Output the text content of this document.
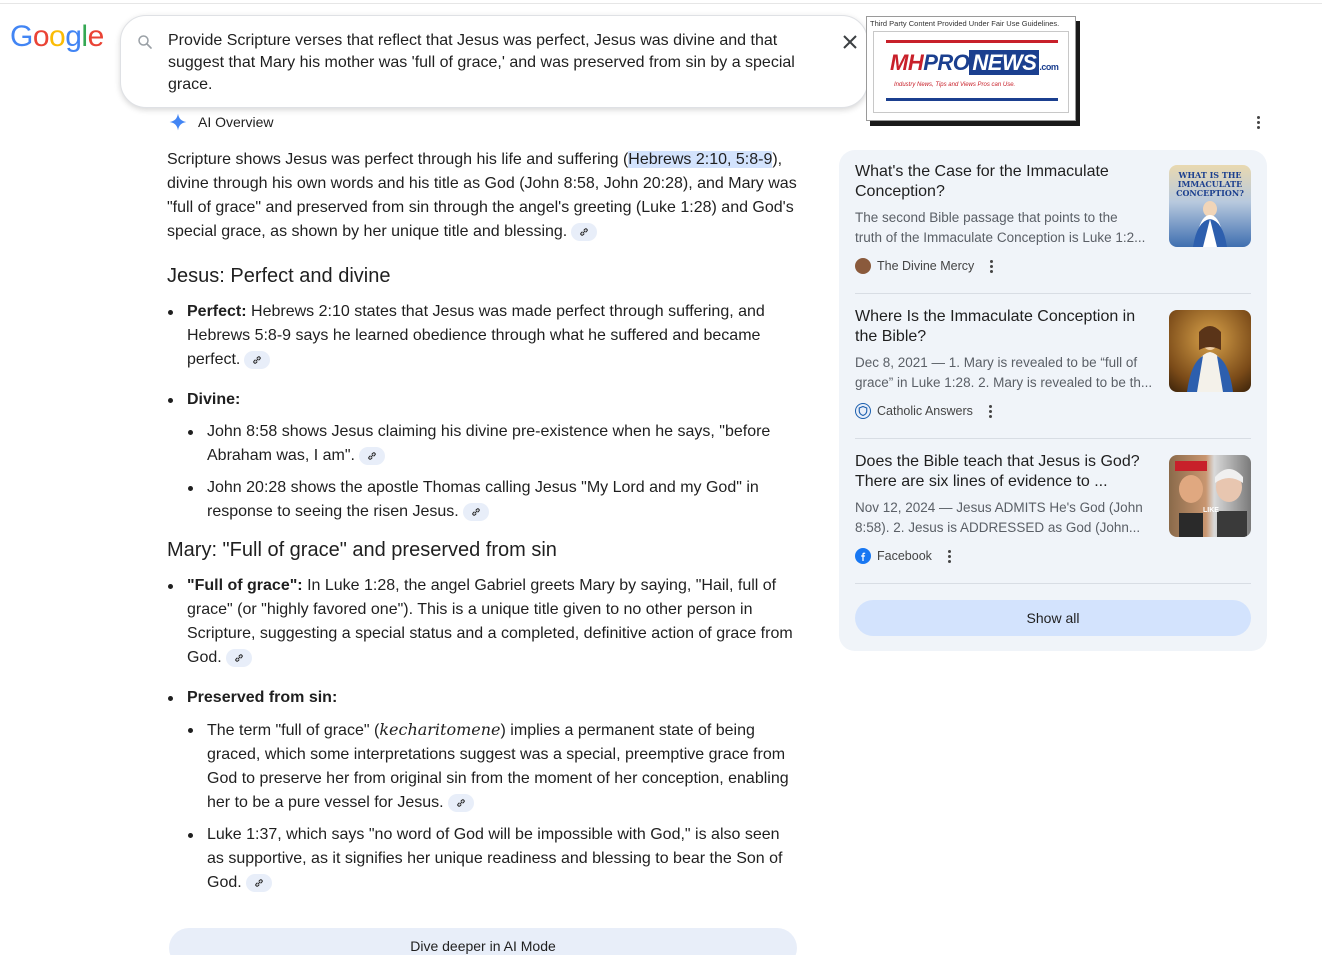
Google	Provide Scripture verses that reflect that Jesus was perfect, Jesus was divine and that suggest that Mary his mother was 'full of grace,' and was preserved from sin by a special grace.
Third Party Content Provided Under Fair Use Guidelines.
MHPRO NEWS .com
Industry News, Tips and Views Pros can Use.
AI Overview

Scripture shows Jesus was perfect through his life and suffering (Hebrews 2:10, 5:8-9), divine through his own words and his title as God (John 8:58, John 20:28), and Mary was "full of grace" and preserved from sin through the angel's greeting (Luke 1:28) and God's special grace, as shown by her unique title and blessing.

Jesus: Perfect and divine
Perfect: Hebrews 2:10 states that Jesus was made perfect through suffering, and Hebrews 5:8-9 says he learned obedience through what he suffered and became perfect.
Divine:
John 8:58 shows Jesus claiming his divine pre-existence when he says, "before Abraham was, I am".
John 20:28 shows the apostle Thomas calling Jesus "My Lord and my God" in response to seeing the risen Jesus.
Mary: "Full of grace" and preserved from sin
"Full of grace": In Luke 1:28, the angel Gabriel greets Mary by saying, "Hail, full of grace" (or "highly favored one"). This is a unique title given to no other person in Scripture, suggesting a special status and a completed, definitive action of grace from God.
Preserved from sin:
The term "full of grace" (kecharitomene) implies a permanent state of being graced, which some interpretations suggest was a special, preemptive grace from God to preserve her from original sin from the moment of her conception, enabling her to be a pure vessel for Jesus.
Luke 1:37, which says "no word of God will be impossible with God," is also seen as supportive, as it signifies her unique readiness and blessing to bear the Son of God.
Dive deeper in AI Mode
What's the Case for the Immaculate Conception?
The second Bible passage that points to the
truth of the Immaculate Conception is Luke 1:2...
The Divine Mercy
WHAT IS THE IMMACULATE CONCEPTION?
Where Is the Immaculate Conception in the Bible?
Dec 8, 2021 — 1. Mary is revealed to be “full of
grace” in Luke 1:28. 2. Mary is revealed to be th...
Catholic Answers
Does the Bible teach that Jesus is God? There are six lines of evidence to ...
Nov 12, 2024 — Jesus ADMITS He's God (John
8:58). 2. Jesus is ADDRESSED as God (John...
Facebook
LIKE
Show all
